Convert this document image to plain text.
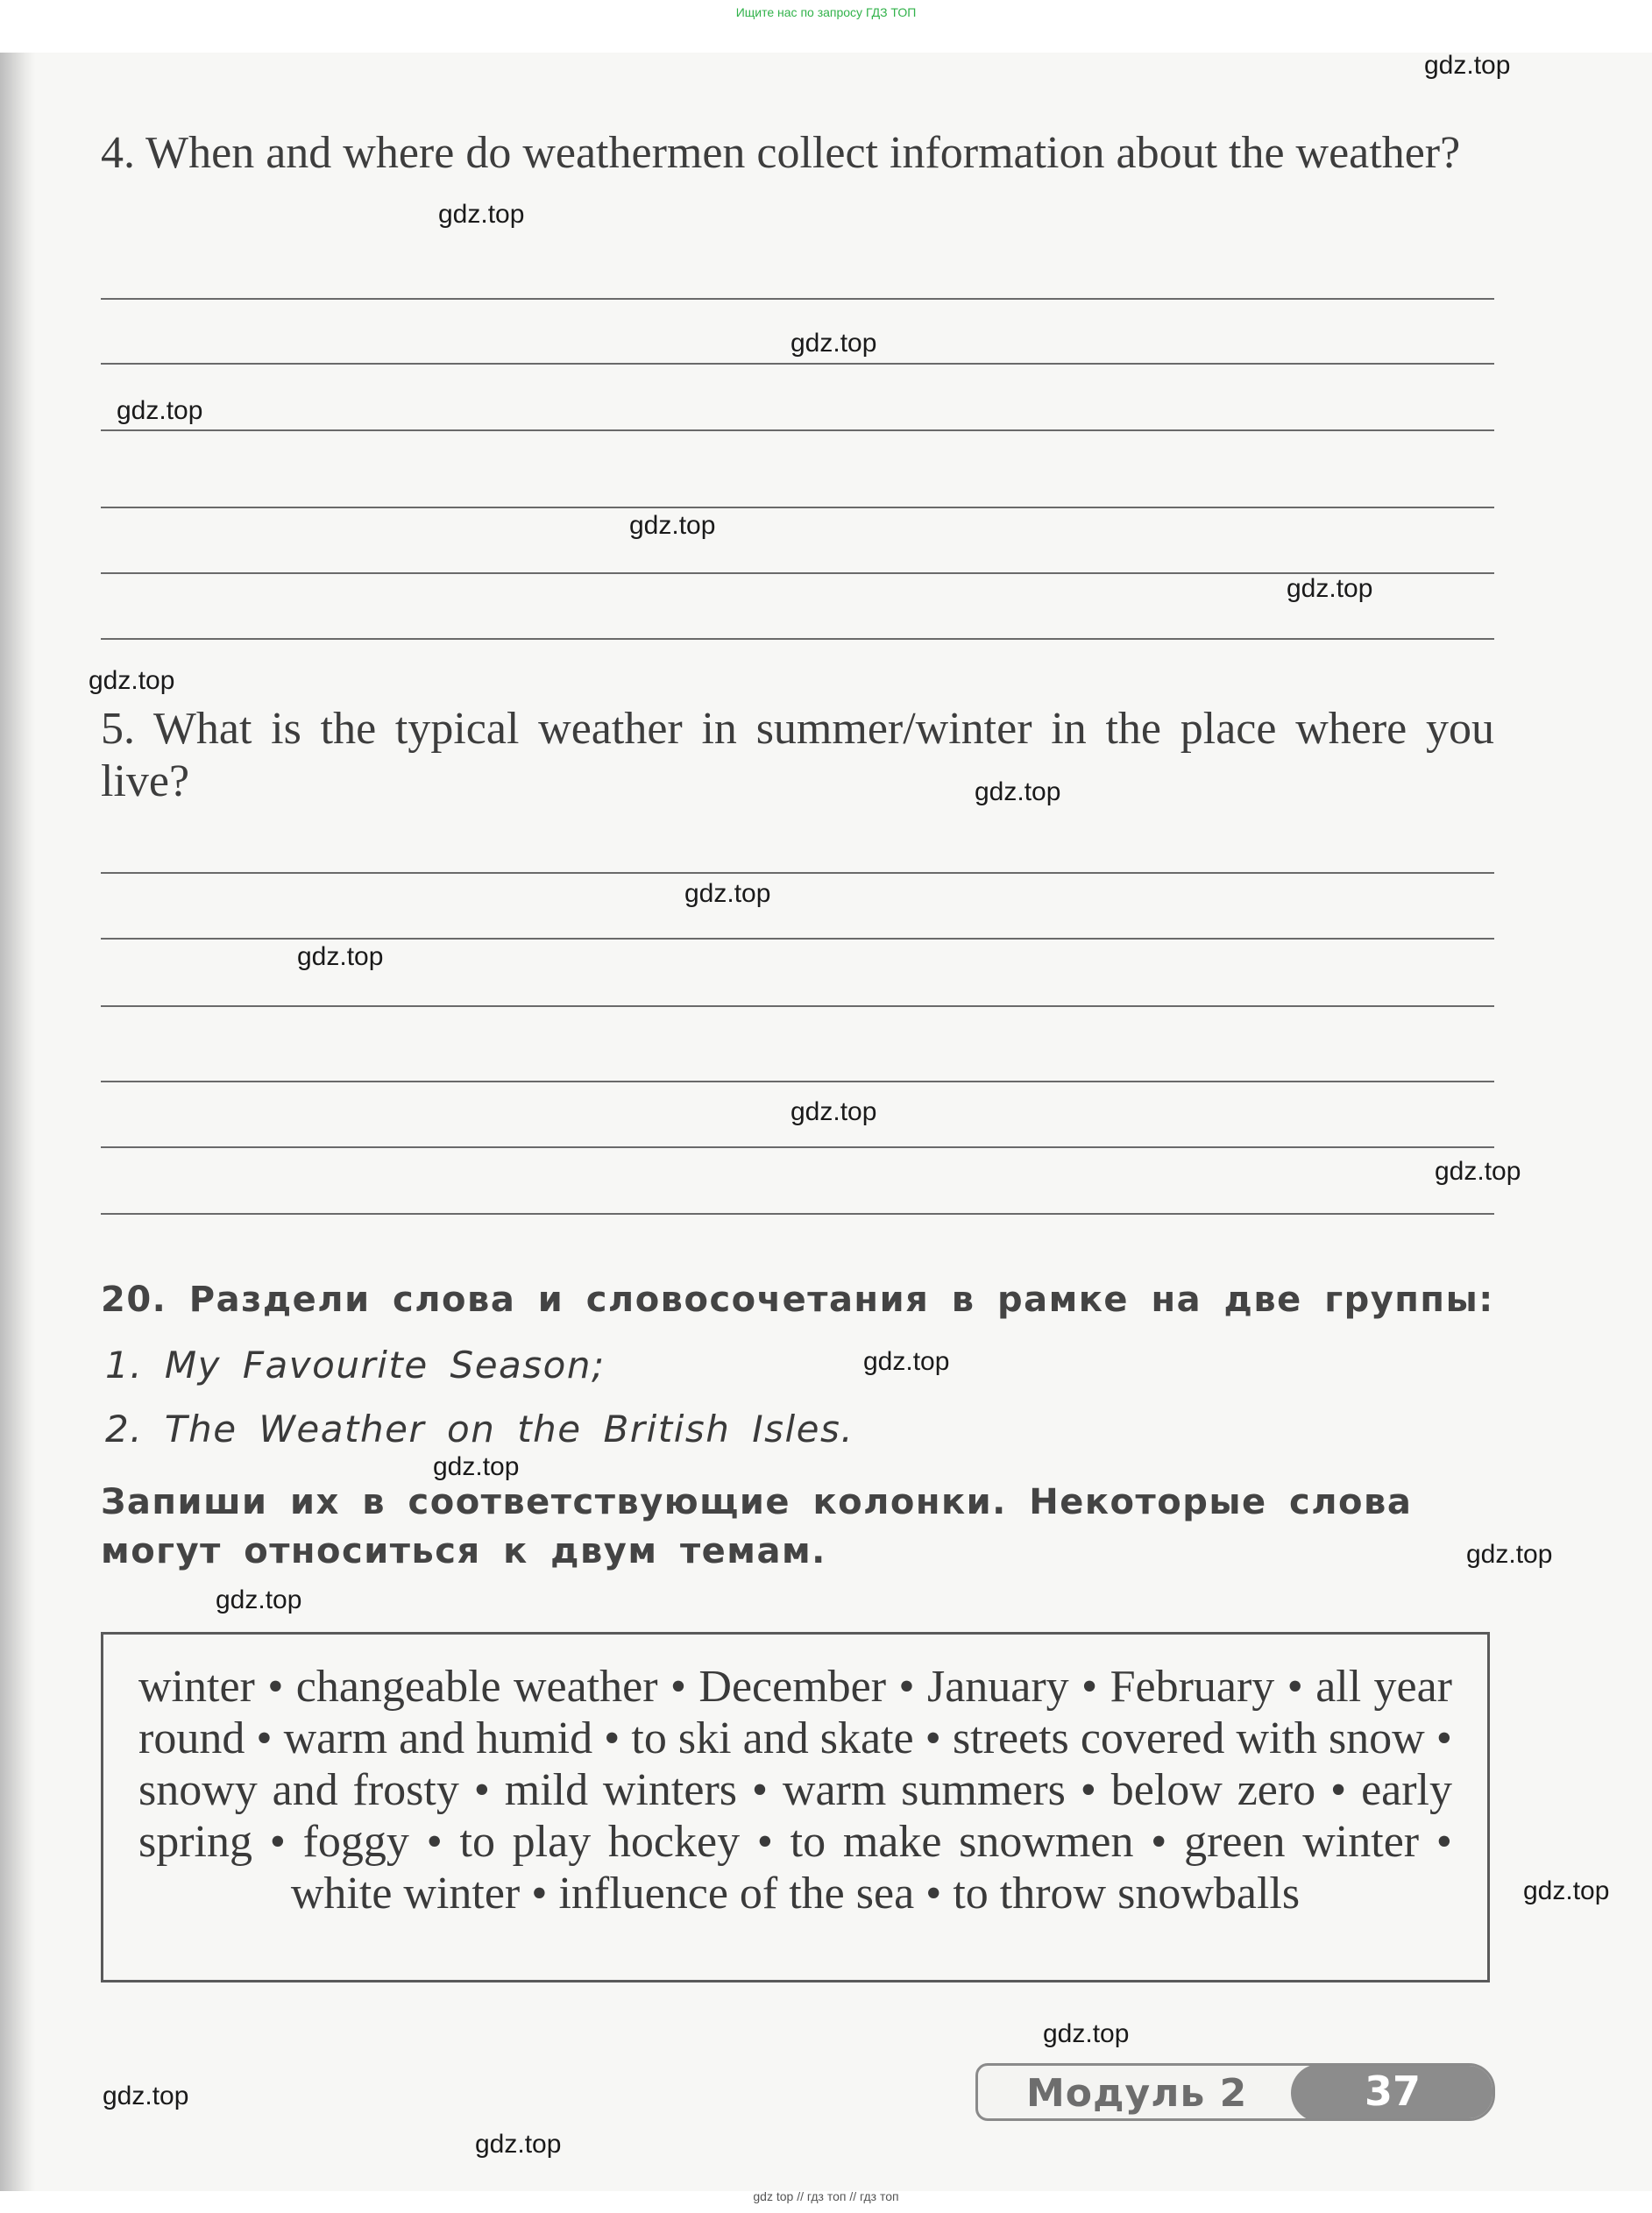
Ищите нас по запросу ГДЗ ТОП
4. When and where do weathermen collect information about the weather?
5. What is the typical weather in summer/winter in the place where you live?
20. Раздели слова и словосочетания в рамке на две группы:
1. My Favourite Season;
2. The Weather on the British Isles.
Запиши их в соответствующие колонки. Некоторые слова могут относиться к двум темам.
winter • changeable weather • December • January • February • all year round • warm and humid • to ski and skate • streets covered with snow • snowy and frosty • mild winters • warm summers • below zero • early spring • foggy • to play hockey • to make snowmen • green winter • white winter • influence of the sea • to throw snowballs
Модуль 2	37
gdz.top
gdz.top
gdz.top
gdz.top
gdz.top
gdz.top
gdz.top
gdz.top
gdz.top
gdz.top
gdz.top
gdz.top
gdz.top
gdz.top
gdz.top
gdz.top
gdz.top
gdz.top
gdz.top
gdz.top
gdz top // гдз топ // гдз топ
